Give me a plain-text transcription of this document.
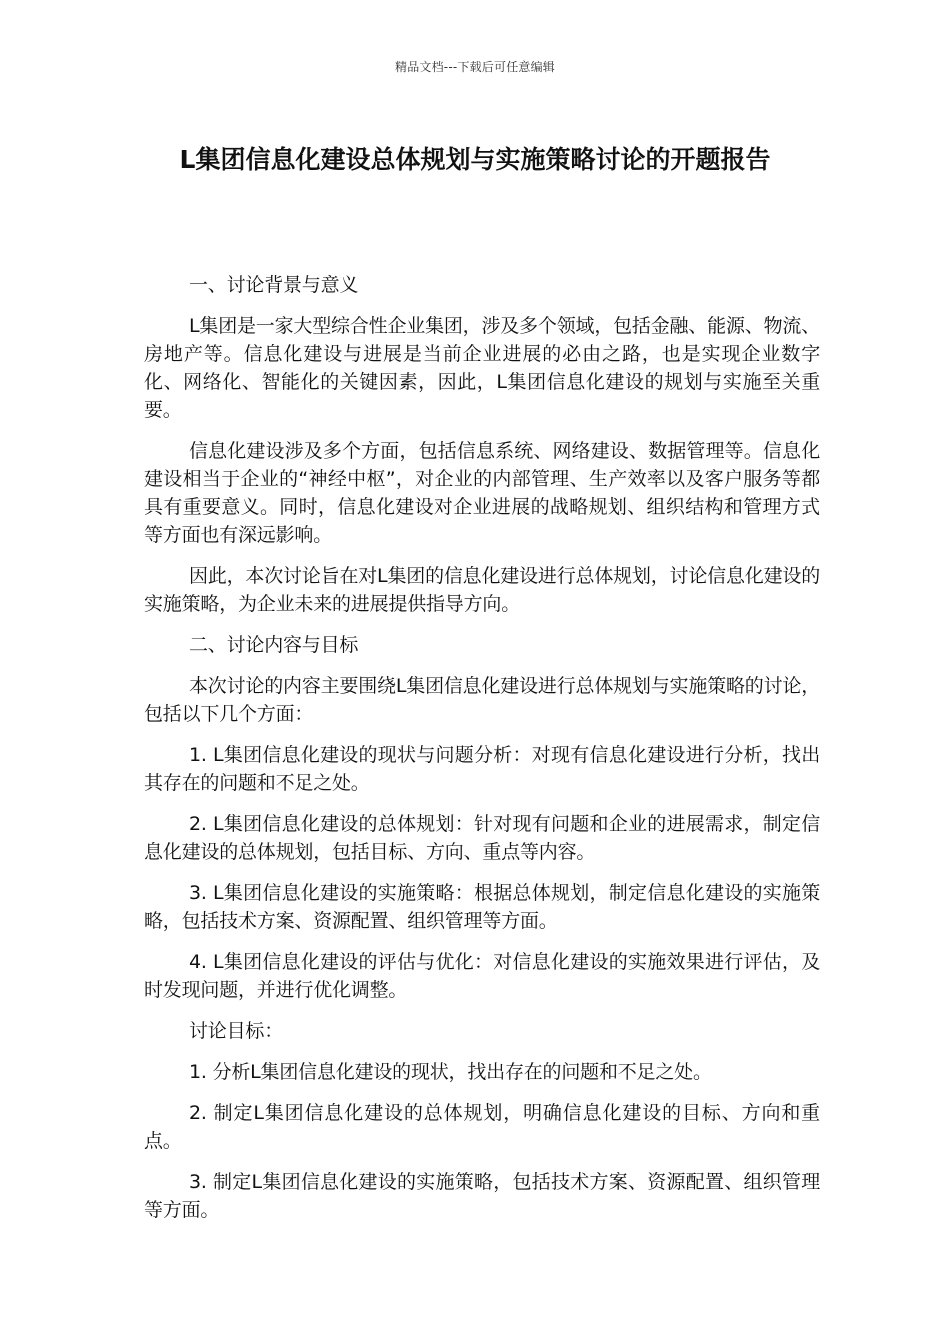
精品文档---下载后可任意编辑
L集团信息化建设总体规划与实施策略讨论的开题报告

一、讨论背景与意义

L集团是一家大型综合性企业集团，涉及多个领域，包括金融、能源、物流、房地产等。信息化建设与进展是当前企业进展的必由之路，也是实现企业数字化、网络化、智能化的关键因素，因此，L集团信息化建设的规划与实施至关重要。

信息化建设涉及多个方面，包括信息系统、网络建设、数据管理等。信息化建设相当于企业的“神经中枢”，对企业的内部管理、生产效率以及客户服务等都具有重要意义。同时，信息化建设对企业进展的战略规划、组织结构和管理方式等方面也有深远影响。

因此，本次讨论旨在对L集团的信息化建设进行总体规划，讨论信息化建设的实施策略，为企业未来的进展提供指导方向。

二、讨论内容与目标

本次讨论的内容主要围绕L集团信息化建设进行总体规划与实施策略的讨论，包括以下几个方面：

1. L集团信息化建设的现状与问题分析：对现有信息化建设进行分析，找出其存在的问题和不足之处。

2. L集团信息化建设的总体规划：针对现有问题和企业的进展需求，制定信息化建设的总体规划，包括目标、方向、重点等内容。

3. L集团信息化建设的实施策略：根据总体规划，制定信息化建设的实施策略，包括技术方案、资源配置、组织管理等方面。

4. L集团信息化建设的评估与优化：对信息化建设的实施效果进行评估，及时发现问题，并进行优化调整。

讨论目标：

1. 分析L集团信息化建设的现状，找出存在的问题和不足之处。

2. 制定L集团信息化建设的总体规划，明确信息化建设的目标、方向和重点。

3. 制定L集团信息化建设的实施策略，包括技术方案、资源配置、组织管理等方面。
